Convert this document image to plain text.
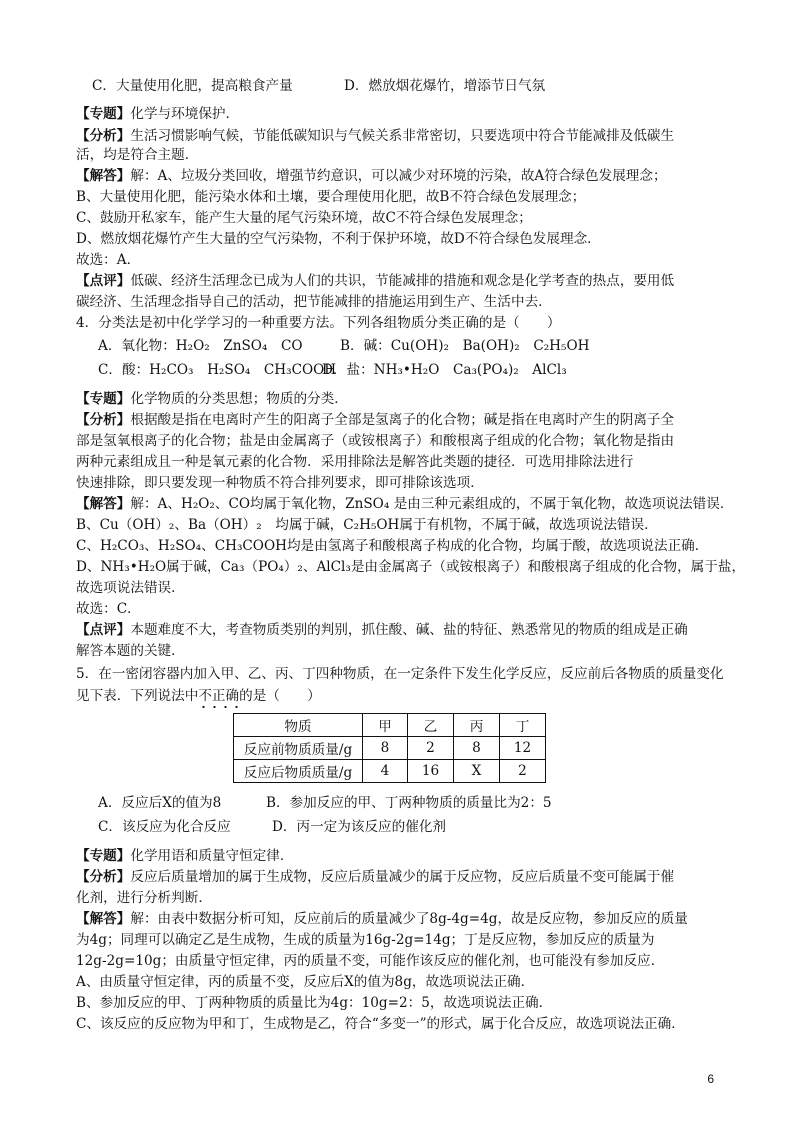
C．大量使用化肥，提高粮食产量	D．燃放烟花爆竹，增添节日气氛
【专题】化学与环境保护．
【分析】生活习惯影响气候，节能低碳知识与气候关系非常密切，只要选项中符合节能减排及低碳生
活，均是符合主题．
【解答】解：A、垃圾分类回收，增强节约意识，可以减少对环境的污染，故A符合绿色发展理念；
B、大量使用化肥，能污染水体和土壤，要合理使用化肥，故B不符合绿色发展理念；
C、鼓励开私家车，能产生大量的尾气污染环境，故C不符合绿色发展理念；
D、燃放烟花爆竹产生大量的空气污染物，不利于保护环境，故D不符合绿色发展理念．
故选：A．
【点评】低碳、经济生活理念已成为人们的共识，节能减排的措施和观念是化学考查的热点，要用低
碳经济、生活理念指导自己的活动，把节能减排的措施运用到生产、生活中去．
4．分类法是初中化学学习的一种重要方法。下列各组物质分类正确的是（　　）
A．氧化物：H₂O₂　ZnSO₄　CO	B．碱：Cu(OH)₂　Ba(OH)₂　C₂H₅OH
C．酸：H₂CO₃　H₂SO₄　CH₃COOH
D．盐：NH₃•H₂O　Ca₃(PO₄)₂　AlCl₃
【专题】化学物质的分类思想；物质的分类．
【分析】根据酸是指在电离时产生的阳离子全部是氢离子的化合物；碱是指在电离时产生的阴离子全
部是氢氧根离子的化合物；盐是由金属离子（或铵根离子）和酸根离子组成的化合物；氧化物是指由
两种元素组成且一种是氧元素的化合物．采用排除法是解答此类题的捷径．可选用排除法进行
快速排除，即只要发现一种物质不符合排列要求，即可排除该选项．
【解答】解：A、H₂O₂、CO均属于氧化物，ZnSO₄ 是由三种元素组成的，不属于氧化物，故选项说法错误．
B、Cu（OH）₂、Ba（OH）₂　均属于碱，C₂H₅OH属于有机物，不属于碱，故选项说法错误．
C、H₂CO₃、H₂SO₄、CH₃COOH均是由氢离子和酸根离子构成的化合物，均属于酸，故选项说法正确．
D、NH₃•H₂O属于碱，Ca₃（PO₄）₂、AlCl₃是由金属离子（或铵根离子）和酸根离子组成的化合物，属于盐，
故选项说法错误．
故选：C．
【点评】本题难度不大，考查物质类别的判别，抓住酸、碱、盐的特征、熟悉常见的物质的组成是正确
解答本题的关键．
5．在一密闭容器内加入甲、乙、丙、丁四种物质，在一定条件下发生化学反应，反应前后各物质的质量变化
见下表．下列说法中不正确的是（　　）
物质	甲	乙	丙	丁
反应前物质质量/g	8	2	8	12
反应后物质质量/g	4	16	X	2
A．反应后X的值为8	B．参加反应的甲、丁两种物质的质量比为2：5
C．该反应为化合反应	D．丙一定为该反应的催化剂
【专题】化学用语和质量守恒定律．
【分析】反应后质量增加的属于生成物，反应后质量减少的属于反应物，反应后质量不变可能属于催
化剂，进行分析判断．
【解答】解：由表中数据分析可知，反应前后的质量减少了8g-4g=4g，故是反应物，参加反应的质量
为4g；同理可以确定乙是生成物，生成的质量为16g-2g=14g；丁是反应物，参加反应的质量为
12g-2g=10g；由质量守恒定律，丙的质量不变，可能作该反应的催化剂，也可能没有参加反应．
A、由质量守恒定律，丙的质量不变，反应后X的值为8g，故选项说法正确．
B、参加反应的甲、丁两种物质的质量比为4g：10g=2：5，故选项说法正确．
C、该反应的反应物为甲和丁，生成物是乙，符合“多变一”的形式，属于化合反应，故选项说法正确．
6
